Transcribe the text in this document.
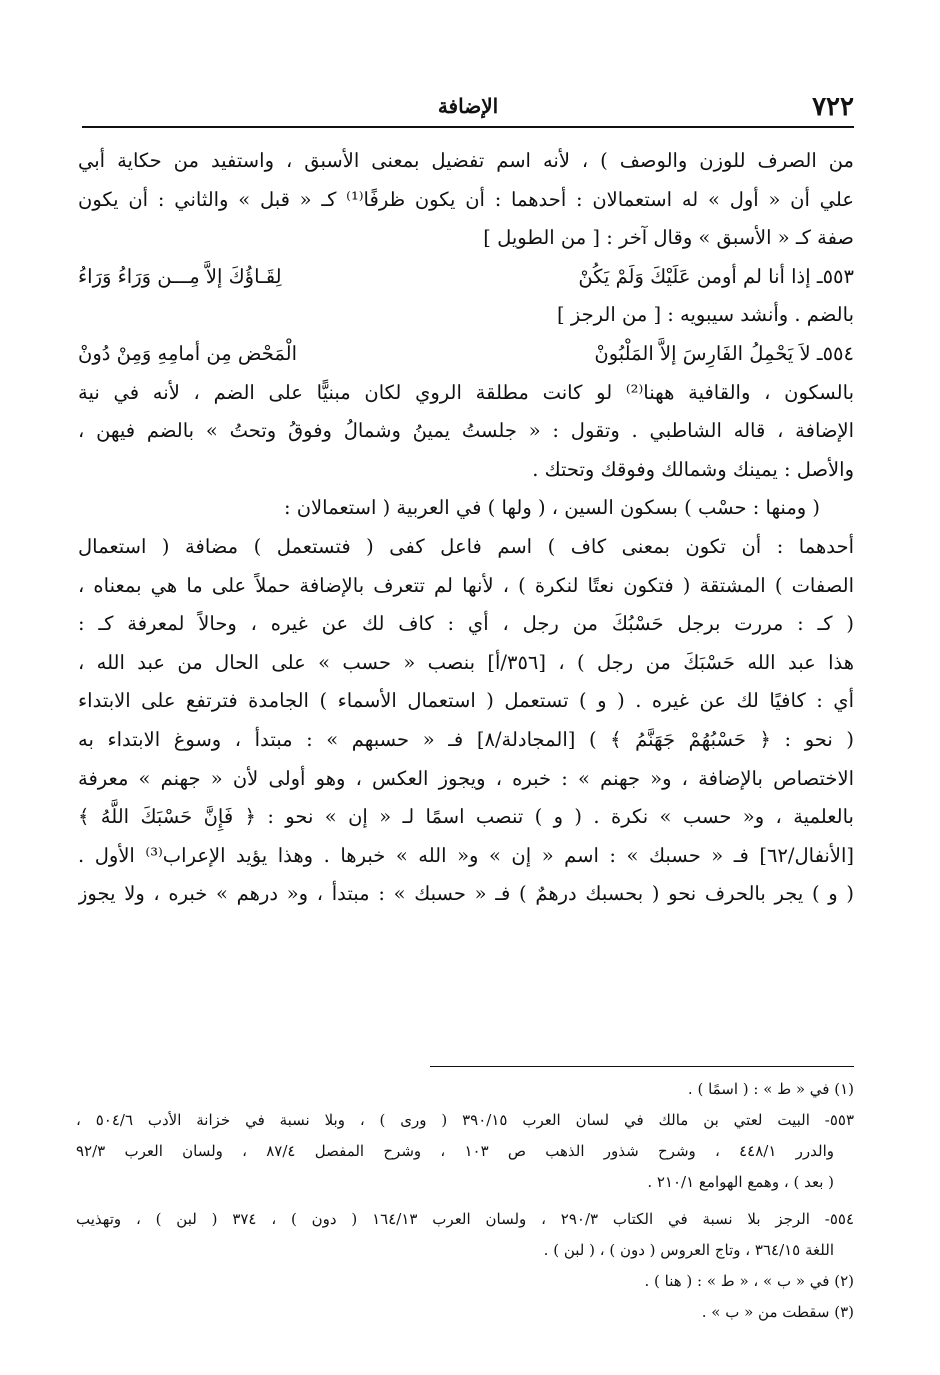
٧٢٢
الإضافة
من الصرف للوزن والوصف ) ، لأنه اسم تفضيل بمعنى الأسبق ، واستفيد من حكاية أبي
علي أن « أول » له استعمالان : أحدهما : أن يكون ظرفًا⁽¹⁾ كـ « قبل » والثاني : أن يكون
صفة كـ « الأسبق » وقال آخر : [ من الطويل ]
٥٥٣ـ إذا أنا لم أومن عَلَيْكَ وَلَمْ يَكُنْ
لِقَـاؤُكَ إلاَّ مِـــن وَرَاءُ وَرَاءُ
بالضم . وأنشد سيبويه : [ من الرجز ]
٥٥٤ـ لاَ يَحْمِلُ الفَارِسَ إلاَّ المَلْبُونْ
الْمَحْض مِن أمامِهِ وَمِنْ دُونْ
بالسكون ، والقافية ههنا⁽²⁾ لو كانت مطلقة الروي لكان مبنيًّا على الضم ، لأنه في نية
الإضافة ، قاله الشاطبي . وتقول : « جلستُ يمينُ وشمالُ وفوقُ وتحتُ » بالضم فيهن ،
والأصل : يمينك وشمالك وفوقك وتحتك .
( ومنها : حسْب ) بسكون السين ، ( ولها ) في العربية ( استعمالان :
أحدهما : أن تكون بمعنى كاف ) اسم فاعل كفى ( فتستعمل ) مضافة ( استعمال
الصفات ) المشتقة ( فتكون نعتًا لنكرة ) ، لأنها لم تتعرف بالإضافة حملاً على ما هي بمعناه ،
( كـ : مررت برجل حَسْبُكَ من رجل ، أي : كاف لك عن غيره ، وحالاً لمعرفة كـ :
هذا عبد الله حَسْبَكَ من رجل ) ، [٣٥٦/أ] بنصب « حسب » على الحال من عبد الله ،
أي : كافيًا لك عن غيره . ( و ) تستعمل ( استعمال الأسماء ) الجامدة فترتفع على الابتداء
( نحو : ﴿ حَسْبُهُمْ جَهَنَّمُ ﴾ ) [المجادلة/٨] فـ « حسبهم » : مبتدأ ، وسوغ الابتداء به
الاختصاص بالإضافة ، و« جهنم » : خبره ، ويجوز العكس ، وهو أولى لأن « جهنم » معرفة
بالعلمية ، و« حسب » نكرة . ( و ) تنصب اسمًا لـ « إن » نحو : ﴿ فَإِنَّ حَسْبَكَ اللَّهُ ﴾
[الأنفال/٦٢] فـ « حسبك » : اسم « إن » و« الله » خبرها . وهذا يؤيد الإعراب⁽³⁾ الأول .
( و ) يجر بالحرف نحو ( بحسبك درهمٌ ) فـ « حسبك » : مبتدأ ، و« درهم » خبره ، ولا يجوز
(١) في « ط » : ( اسمًا ) .
٥٥٣- البيت لعتي بن مالك في لسان العرب ٣٩٠/١٥ ( ورى ) ، وبلا نسبة في خزانة الأدب ٥٠٤/٦ ،
والدرر ٤٤٨/١ ، وشرح شذور الذهب ص ١٠٣ ، وشرح المفصل ٨٧/٤ ، ولسان العرب ٩٢/٣
( بعد ) ، وهمع الهوامع ٢١٠/١ .
٥٥٤- الرجز بلا نسبة في الكتاب ٢٩٠/٣ ، ولسان العرب ١٦٤/١٣ ( دون ) ، ٣٧٤ ( لبن ) ، وتهذيب
اللغة ٣٦٤/١٥ ، وتاج العروس ( دون ) ، ( لبن ) .
(٢) في « ب » ، « ط » : ( هنا ) .
(٣) سقطت من « ب » .
